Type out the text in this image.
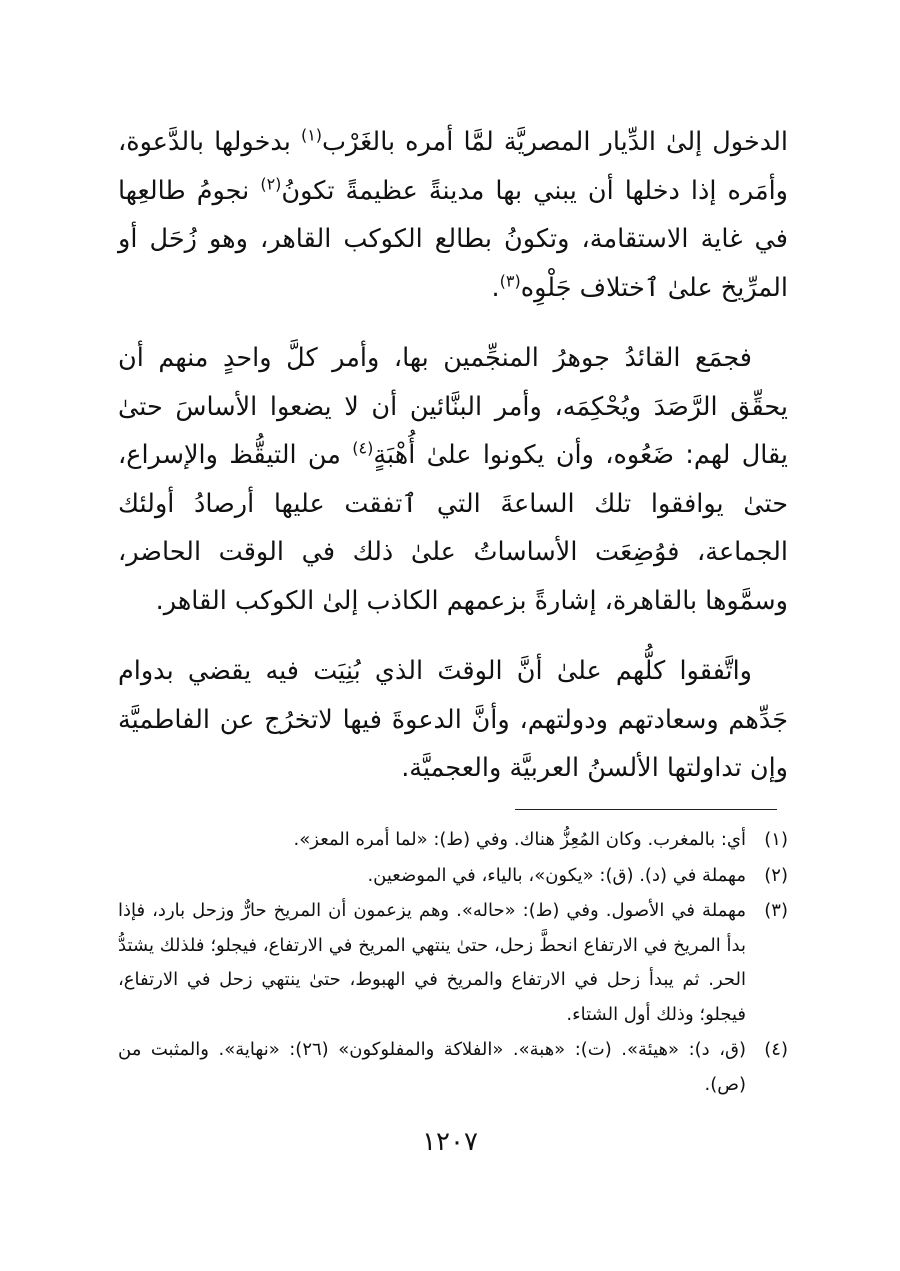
الدخول إلىٰ الدِّيار المصريَّة لمَّا أمره بالغَرْب$^{(١)}$ بدخولها بالدَّعوة، وأمَره إذا دخلها أن يبني بها مدينةً عظيمةً تكونُ$^{(٢)}$ نجومُ طالعِها في غاية الاستقامة، وتكونُ بطالع الكوكب القاهر، وهو زُحَل أو المرِّيخ علىٰ ٱختلاف جَلْوِه$^{(٣)}$.

فجمَع القائدُ جوهرُ المنجِّمين بها، وأمر كلَّ واحدٍ منهم أن يحقِّق الرَّصَدَ ويُحْكِمَه، وأمر البنَّائين أن لا يضعوا الأساسَ حتىٰ يقال لهم: ضَعُوه، وأن يكونوا علىٰ أُهْبَةٍ$^{(٤)}$ من التيقُّظ والإسراع، حتىٰ يوافقوا تلك الساعةَ التي ٱتفقت عليها أرصادُ أولئك الجماعة، فوُضِعَت الأساساتُ علىٰ ذلك في الوقت الحاضر، وسمَّوها بالقاهرة، إشارةً بزعمهم الكاذب إلىٰ الكوكب القاهر.

واتَّفقوا كلُّهم علىٰ أنَّ الوقتَ الذي بُنِيَت فيه يقضي بدوام جَدِّهم وسعادتهم ودولتهم، وأنَّ الدعوةَ فيها لاتخرُج عن الفاطميَّة وإن تداولتها الألسنُ العربيَّة والعجميَّة.

(١)
أي: بالمغرب. وكان المُعِزُّ هناك. وفي (ط): «لما أمره المعز».
(٢)
مهملة في (د). (ق): «يكون»، بالياء، في الموضعين.
(٣)
مهملة في الأصول. وفي (ط): «حاله». وهم يزعمون أن المريخ حارٌّ وزحل بارد، فإذا بدأ المريخ في الارتفاع انحطَّ زحل، حتىٰ ينتهي المريخ في الارتفاع، فيجلو؛ فلذلك يشتدُّ الحر. ثم يبدأ زحل في الارتفاع والمريخ في الهبوط، حتىٰ ينتهي زحل في الارتفاع، فيجلو؛ وذلك أول الشتاء.
(٤)
(ق، د): «هيئة». (ت): «هبة». «الفلاكة والمفلوكون» (٢٦): «نهاية». والمثبت من (ص).
١٢٠٧
